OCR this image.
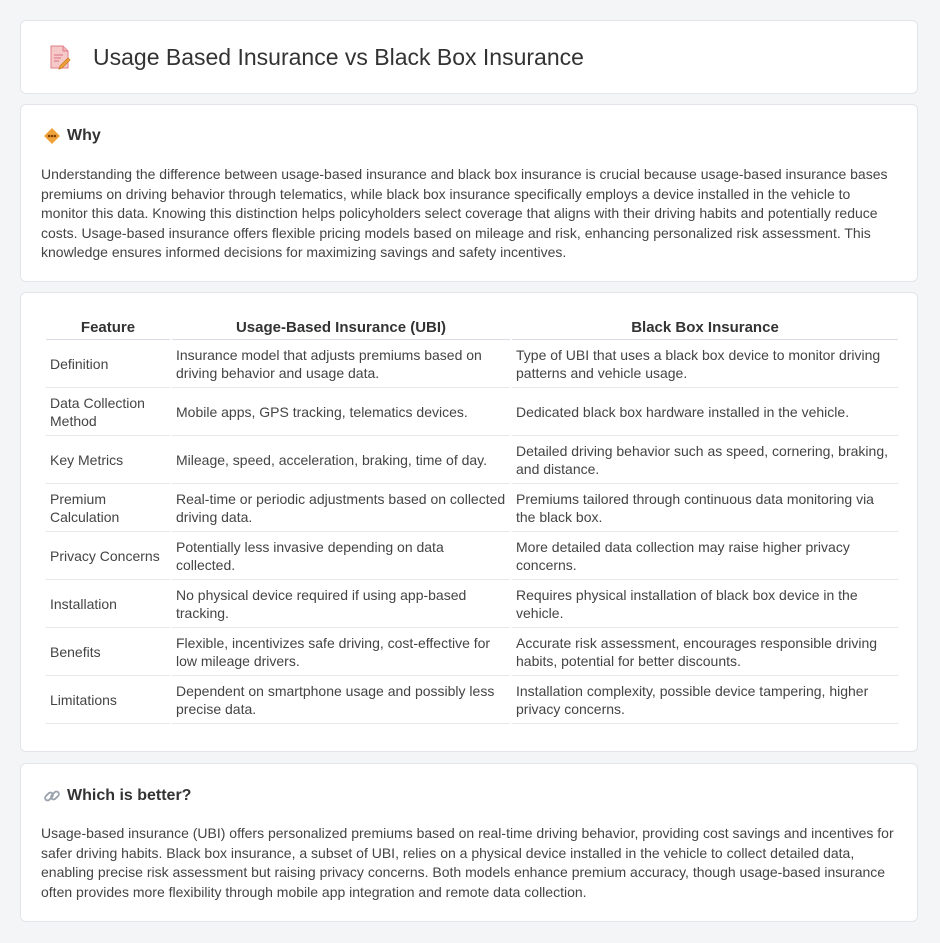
Usage Based Insurance vs Black Box Insurance
Why
Understanding the difference between usage-based insurance and black box insurance is crucial because usage-based insurance bases premiums on driving behavior through telematics, while black box insurance specifically employs a device installed in the vehicle to monitor this data. Knowing this distinction helps policyholders select coverage that aligns with their driving habits and potentially reduce costs. Usage-based insurance offers flexible pricing models based on mileage and risk, enhancing personalized risk assessment. This knowledge ensures informed decisions for maximizing savings and safety incentives.
Feature	Usage-Based Insurance (UBI)	Black Box Insurance
Definition	Insurance model that adjusts premiums based on driving behavior and usage data.	Type of UBI that uses a black box device to monitor driving patterns and vehicle usage.
Data Collection Method	Mobile apps, GPS tracking, telematics devices.	Dedicated black box hardware installed in the vehicle.
Key Metrics	Mileage, speed, acceleration, braking, time of day.	Detailed driving behavior such as speed, cornering, braking, and distance.
Premium Calculation	Real-time or periodic adjustments based on collected driving data.	Premiums tailored through continuous data monitoring via the black box.
Privacy Concerns	Potentially less invasive depending on data collected.	More detailed data collection may raise higher privacy concerns.
Installation	No physical device required if using app-based tracking.	Requires physical installation of black box device in the vehicle.
Benefits	Flexible, incentivizes safe driving, cost-effective for low mileage drivers.	Accurate risk assessment, encourages responsible driving habits, potential for better discounts.
Limitations	Dependent on smartphone usage and possibly less precise data.	Installation complexity, possible device tampering, higher privacy concerns.
Which is better?
Usage-based insurance (UBI) offers personalized premiums based on real-time driving behavior, providing cost savings and incentives for safer driving habits. Black box insurance, a subset of UBI, relies on a physical device installed in the vehicle to collect detailed data, enabling precise risk assessment but raising privacy concerns. Both models enhance premium accuracy, though usage-based insurance often provides more flexibility through mobile app integration and remote data collection.
